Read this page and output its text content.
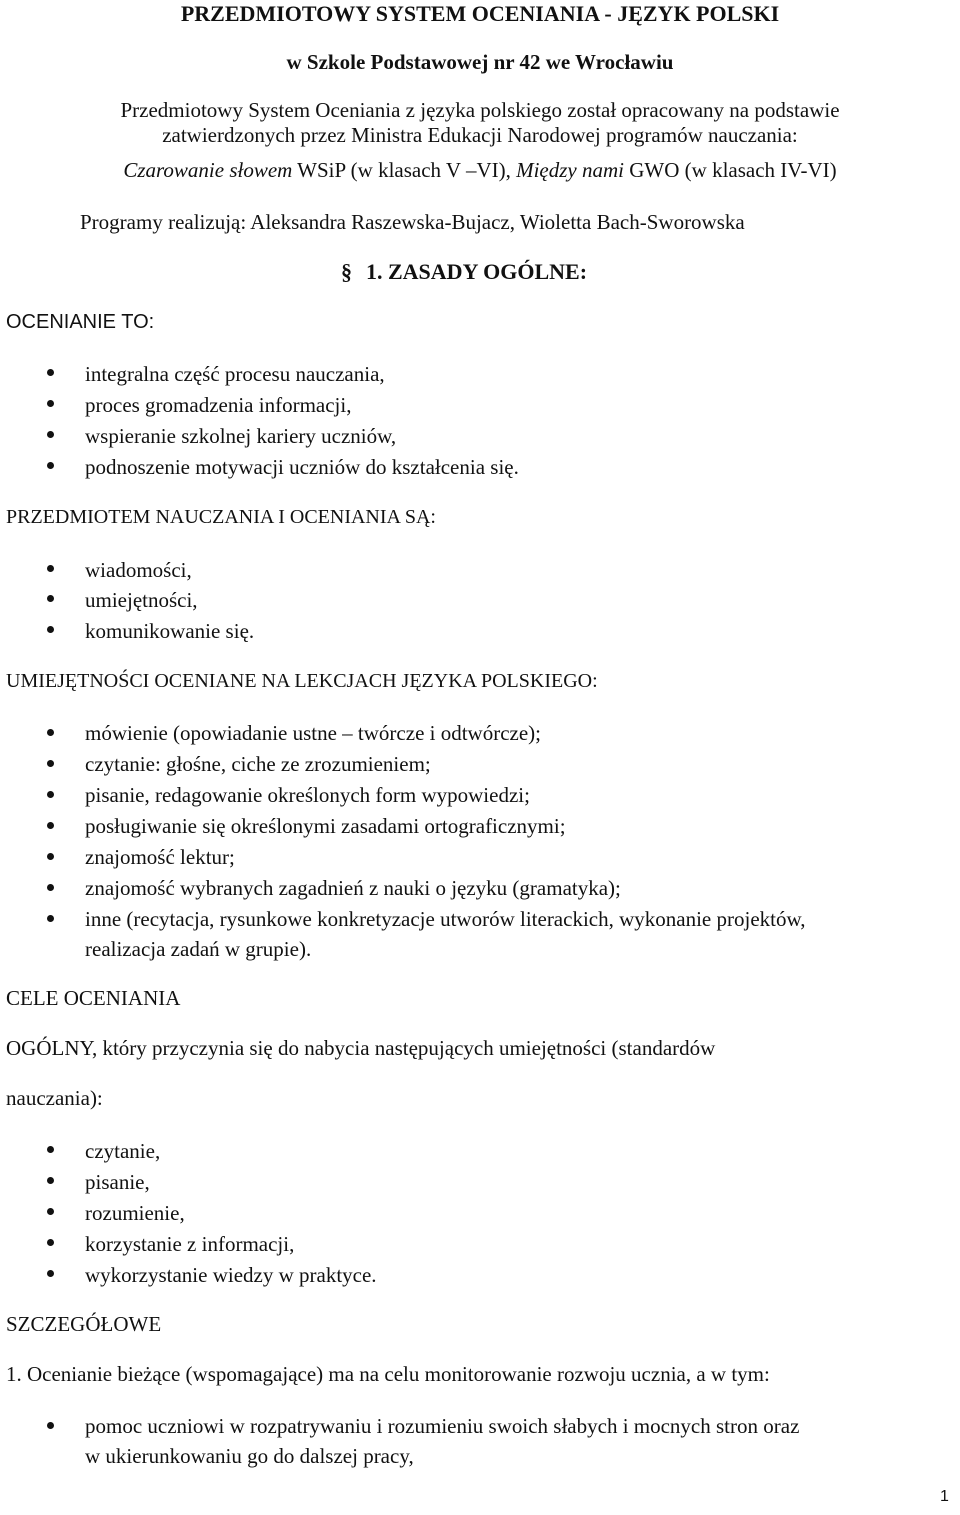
PRZEDMIOTOWY SYSTEM OCENIANIA - JĘZYK POLSKI
w Szkole Podstawowej nr 42 we Wrocławiu
Przedmiotowy System Oceniania z języka polskiego został opracowany na podstawie
zatwierdzonych przez Ministra Edukacji Narodowej programów nauczania:
Czarowanie słowem WSiP (w klasach V –VI), Między nami GWO (w klasach IV-VI)
Programy realizują: Aleksandra Raszewska-Bujacz, Wioletta Bach-Sworowska
§ 1. ZASADY OGÓLNE:
OCENIANIE TO:
integralna część procesu nauczania,
proces gromadzenia informacji,
wspieranie szkolnej kariery uczniów,
podnoszenie motywacji uczniów do kształcenia się.
PRZEDMIOTEM NAUCZANIA I OCENIANIA SĄ:
wiadomości,
umiejętności,
komunikowanie się.
UMIEJĘTNOŚCI OCENIANE NA LEKCJACH JĘZYKA POLSKIEGO:
mówienie (opowiadanie ustne – twórcze i odtwórcze);
czytanie: głośne, ciche ze zrozumieniem;
pisanie, redagowanie określonych form wypowiedzi;
posługiwanie się określonymi zasadami ortograficznymi;
znajomość lektur;
znajomość wybranych zagadnień z nauki o języku (gramatyka);
inne (recytacja, rysunkowe konkretyzacje utworów literackich, wykonanie projektów,
realizacja zadań w grupie).
CELE OCENIANIA
OGÓLNY, który przyczynia się do nabycia następujących umiejętności (standardów
nauczania):
czytanie,
pisanie,
rozumienie,
korzystanie z informacji,
wykorzystanie wiedzy w praktyce.
SZCZEGÓŁOWE
1. Ocenianie bieżące (wspomagające) ma na celu monitorowanie rozwoju ucznia, a w tym:
pomoc uczniowi w rozpatrywaniu i rozumieniu swoich słabych i mocnych stron oraz
w ukierunkowaniu go do dalszej pracy,
1
